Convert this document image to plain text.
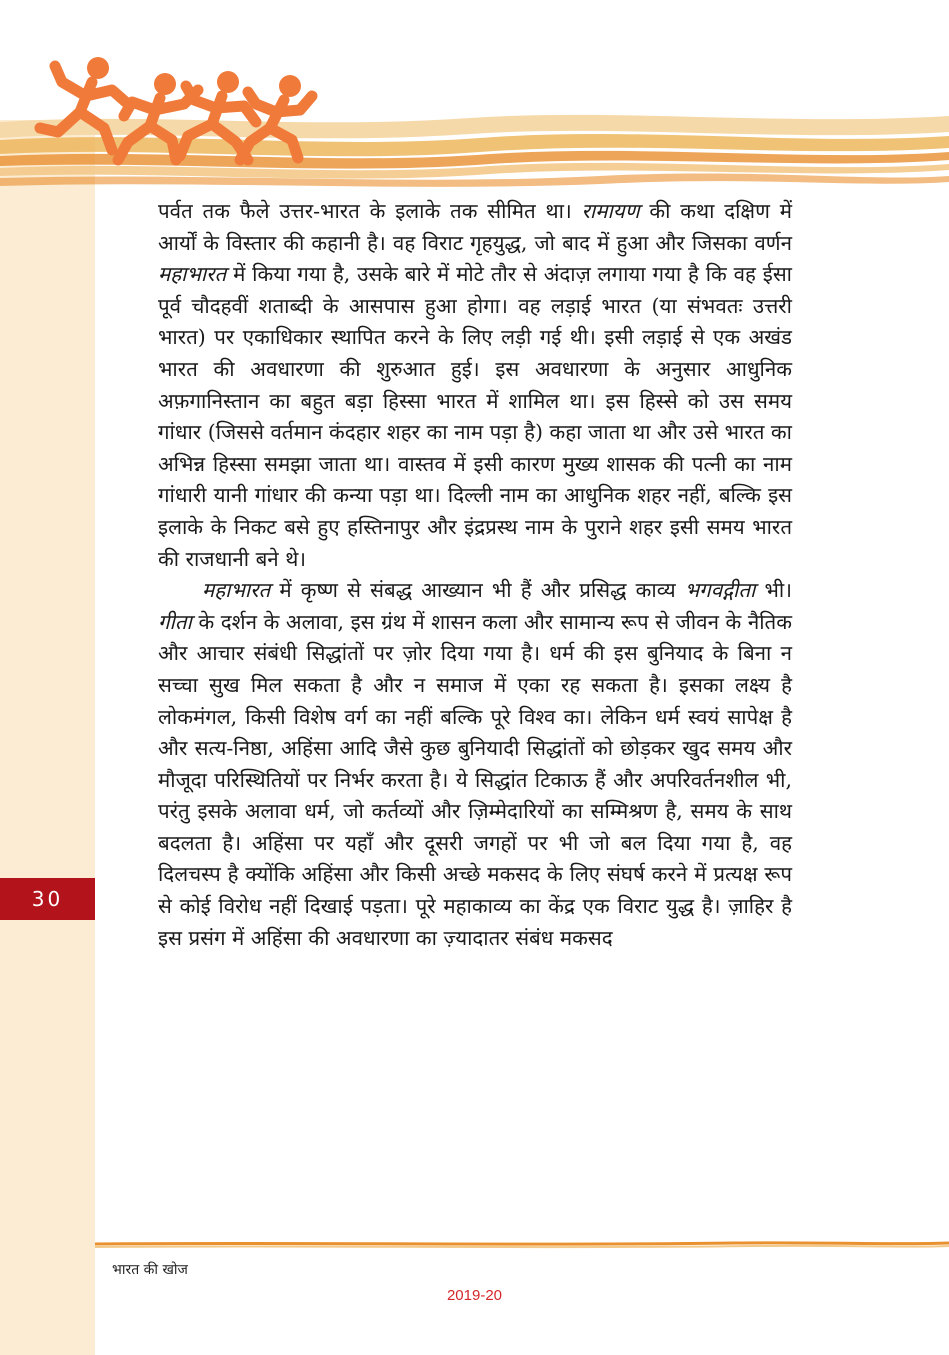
30

पर्वत तक फैले उत्तर-भारत के इलाके तक सीमित था। रामायण की कथा दक्षिण में आर्यों के विस्तार की कहानी है। वह विराट गृहयुद्ध, जो बाद में हुआ और जिसका वर्णन महाभारत में किया गया है, उसके बारे में मोटे तौर से अंदाज़ लगाया गया है कि वह ईसा पूर्व चौदहवीं शताब्दी के आसपास हुआ होगा। वह लड़ाई भारत (या संभवतः उत्तरी भारत) पर एकाधिकार स्थापित करने के लिए लड़ी गई थी। इसी लड़ाई से एक अखंड भारत की अवधारणा की शुरुआत हुई। इस अवधारणा के अनुसार आधुनिक अफ़गानिस्तान का बहुत बड़ा हिस्सा भारत में शामिल था। इस हिस्से को उस समय गांधार (जिससे वर्तमान कंदहार शहर का नाम पड़ा है) कहा जाता था और उसे भारत का अभिन्न हिस्सा समझा जाता था। वास्तव में इसी कारण मुख्य शासक की पत्नी का नाम गांधारी यानी गांधार की कन्या पड़ा था। दिल्ली नाम का आधुनिक शहर नहीं, बल्कि इस इलाके के निकट बसे हुए हस्तिनापुर और इंद्रप्रस्थ नाम के पुराने शहर इसी समय भारत की राजधानी बने थे।

महाभारत में कृष्ण से संबद्ध आख्यान भी हैं और प्रसिद्ध काव्य भगवद्गीता भी। गीता के दर्शन के अलावा, इस ग्रंथ में शासन कला और सामान्य रूप से जीवन के नैतिक और आचार संबंधी सिद्धांतों पर ज़ोर दिया गया है। धर्म की इस बुनियाद के बिना न सच्चा सुख मिल सकता है और न समाज में एका रह सकता है। इसका लक्ष्य है लोकमंगल, किसी विशेष वर्ग का नहीं बल्कि पूरे विश्व का। लेकिन धर्म स्वयं सापेक्ष है और सत्य-निष्ठा, अहिंसा आदि जैसे कुछ बुनियादी सिद्धांतों को छोड़कर खुद समय और मौजूदा परिस्थितियों पर निर्भर करता है। ये सिद्धांत टिकाऊ हैं और अपरिवर्तनशील भी, परंतु इसके अलावा धर्म, जो कर्तव्यों और ज़िम्मेदारियों का सम्मिश्रण है, समय के साथ बदलता है। अहिंसा पर यहाँ और दूसरी जगहों पर भी जो बल दिया गया है, वह दिलचस्प है क्योंकि अहिंसा और किसी अच्छे मकसद के लिए संघर्ष करने में प्रत्यक्ष रूप से कोई विरोध नहीं दिखाई पड़ता। पूरे महाकाव्य का केंद्र एक विराट युद्ध है। ज़ाहिर है इस प्रसंग में अहिंसा की अवधारणा का ज़्यादातर संबंध मकसद

भारत की खोज
2019-20
